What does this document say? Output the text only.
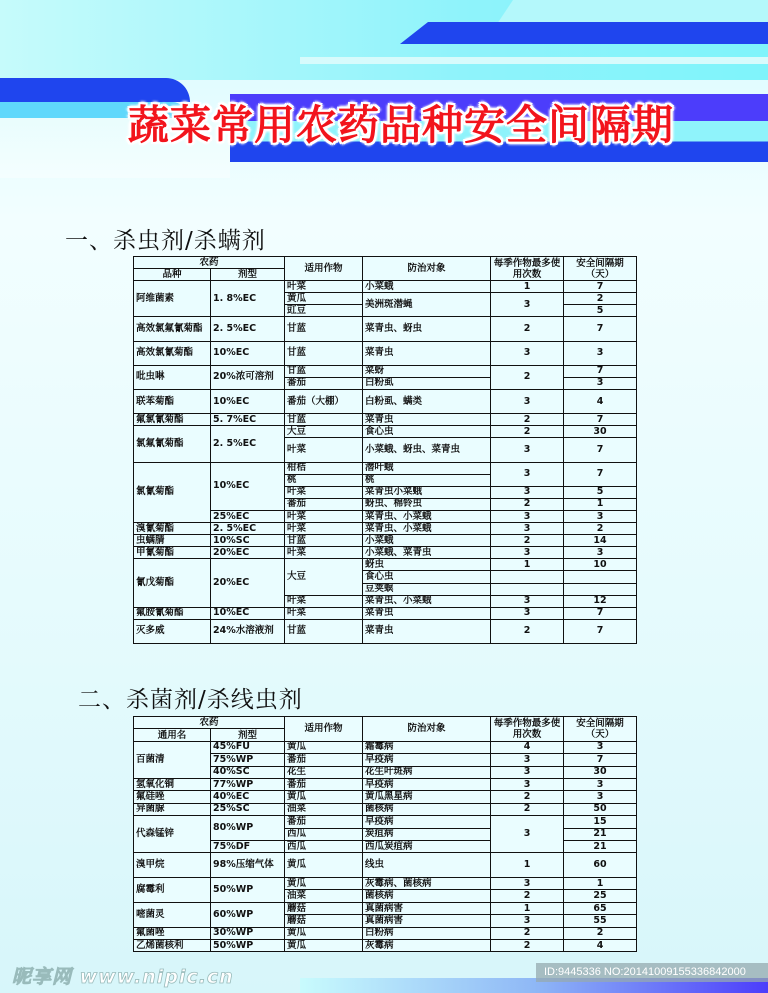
蔬菜常用农药品种安全间隔期
一、杀虫剂/杀螨剂
农药		适用作物	防治对象	每季作物最多使用次数	安全间隔期（天）
品种	剂型				
阿维菌素	1. 8%EC	叶菜	小菜蛾	1	7
		黄瓜	美洲斑潜蝇	3	2
		豇豆			5
高效氯氟氰菊酯	2. 5%EC	甘蓝	菜青虫、蚜虫	2	7
高效氯氰菊酯	10%EC	甘蓝	菜青虫	3	3
吡虫啉	20%浓可溶剂	甘蓝	菜蚜	2	7
		番茄	白粉虱		3
联苯菊酯	10%EC	番茄（大棚）	白粉虱、螨类	3	4
氟氯氰菊酯	5. 7%EC	甘蓝	菜青虫	2	7
氯氟氰菊酯	2. 5%EC	大豆	食心虫	2	30
		叶菜	小菜蛾、蚜虫、菜青虫	3	7
氯氰菊酯	10%EC	柑桔	潜叶蛾	3	7
		桃	桃		
		叶菜	菜青虫小菜蛾	3	5
		番茄	蚜虫、棉铃虫	2	1
	25%EC	叶菜	菜青虫、小菜蛾	3	3
溴氰菊酯	2. 5%EC	叶菜	菜青虫、小菜蛾	3	2
虫螨腈	10%SC	甘蓝	小菜蛾	2	14
甲氰菊酯	20%EC	叶菜	小菜蛾、菜青虫	3	3
氰戊菊酯	20%EC	大豆	蚜虫	1	10
			食心虫		
			豆荚螟		
		叶菜	菜青虫、小菜蛾	3	12
氟胺氰菊酯	10%EC	叶菜	菜青虫	3	7
灭多威	24%水溶液剂	甘蓝	菜青虫	2	7
二、杀菌剂/杀线虫剂
农药		适用作物	防治对象	每季作物最多使用次数	安全间隔期（天）
通用名	剂型				
百菌清	45%FU	黄瓜	霜霉病	4	3
	75%WP	番茄	早疫病	3	7
	40%SC	花生	花生叶斑病	3	30
氢氧化铜	77%WP	番茄	早疫病	3	3
氟硅唑	40%EC	黄瓜	黄瓜黑星病	2	3
异菌脲	25%SC	油菜	菌核病	2	50
代森锰锌	80%WP	番茄	早疫病	3	15
		西瓜	炭疽病		21
	75%DF	西瓜	西瓜炭疽病		21
溴甲烷	98%压缩气体	黄瓜	线虫	1	60
腐霉利	50%WP	黄瓜	灰霉病、菌核病	3	1
		油菜	菌核病	2	25
嘧菌灵	60%WP	蘑菇	真菌病害	1	65
		蘑菇	真菌病害	3	55
氟菌唑	30%WP	黄瓜	白粉病	2	2
乙烯菌核利	50%WP	黄瓜	灰霉病	2	4
昵享网 www.nipic.cn	ID:9445336 NO:20141009155336842000
